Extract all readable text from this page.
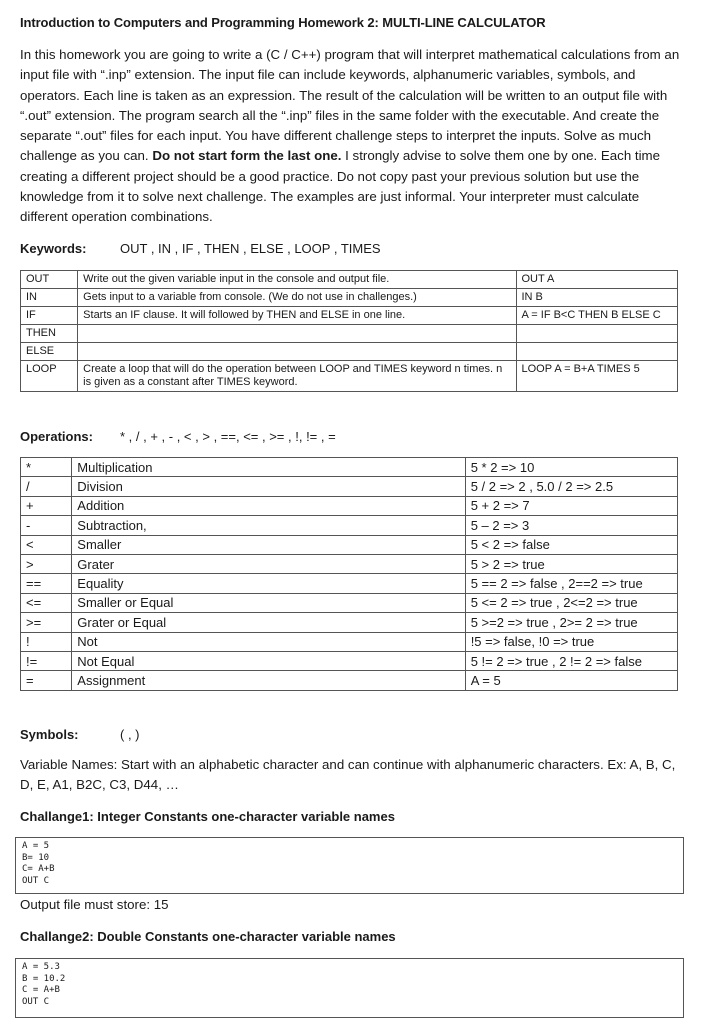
Introduction to Computers and Programming Homework 2: MULTI-LINE CALCULATOR

In this homework you are going to write a (C / C++) program that will interpret mathematical calculations from an input file with “.inp” extension. The input file can include keywords, alphanumeric variables, symbols, and operators. Each line is taken as an expression. The result of the calculation will be written to an output file with “.out” extension. The program search all the “.inp” files in the same folder with the executable. And create the separate “.out” files for each input. You have different challenge steps to interpret the inputs. Solve as much challenge as you can. Do not start form the last one. I strongly advise to solve them one by one. Each time creating a different project should be a good practice. Do not copy past your previous solution but use the knowledge from it to solve next challenge. The examples are just informal. Your interpreter must calculate different operation combinations.

Keywords:	OUT , IN , IF , THEN , ELSE , LOOP , TIMES
OUT	Write out the given variable input in the console and output file.	OUT A
IN	Gets input to a variable from console. (We do not use in challenges.)	IN B
IF	Starts an IF clause. It will followed by THEN and ELSE in one line.	A = IF B<C THEN B ELSE C
THEN		
ELSE		
LOOP	Create a loop that will do the operation between LOOP and TIMES keyword n times. n is given as a constant after TIMES keyword.	LOOP A = B+A TIMES 5
Operations: * , / , + , - , < , > , ==, <= , >= , !, != , =
*	Multiplication	5 * 2 => 10
/	Division	5 / 2 => 2 , 5.0 / 2 => 2.5
+	Addition	5 + 2 => 7
-	Subtraction,	5 – 2 => 3
<	Smaller	5 < 2 => false
>	Grater	5 > 2 => true
==	Equality	5 == 2 => false , 2==2 => true
<=	Smaller or Equal	5 <= 2 => true , 2<=2 => true
>=	Grater or Equal	5 >=2 => true , 2>= 2 => true
!	Not	!5 => false, !0 => true
!=	Not Equal	5 != 2 => true , 2 != 2 => false
=	Assignment	A = 5
Symbols:	( , )

Variable Names: Start with an alphabetic character and can continue with alphanumeric characters. Ex: A, B, C, D, E, A1, B2C, C3, D44, …

Challange1: Integer Constants one-character variable names
A = 5
B= 10
C= A+B
OUT C
Output file must store: 15
Challange2: Double Constants one-character variable names
A = 5.3
B = 10.2
C = A+B
OUT C
